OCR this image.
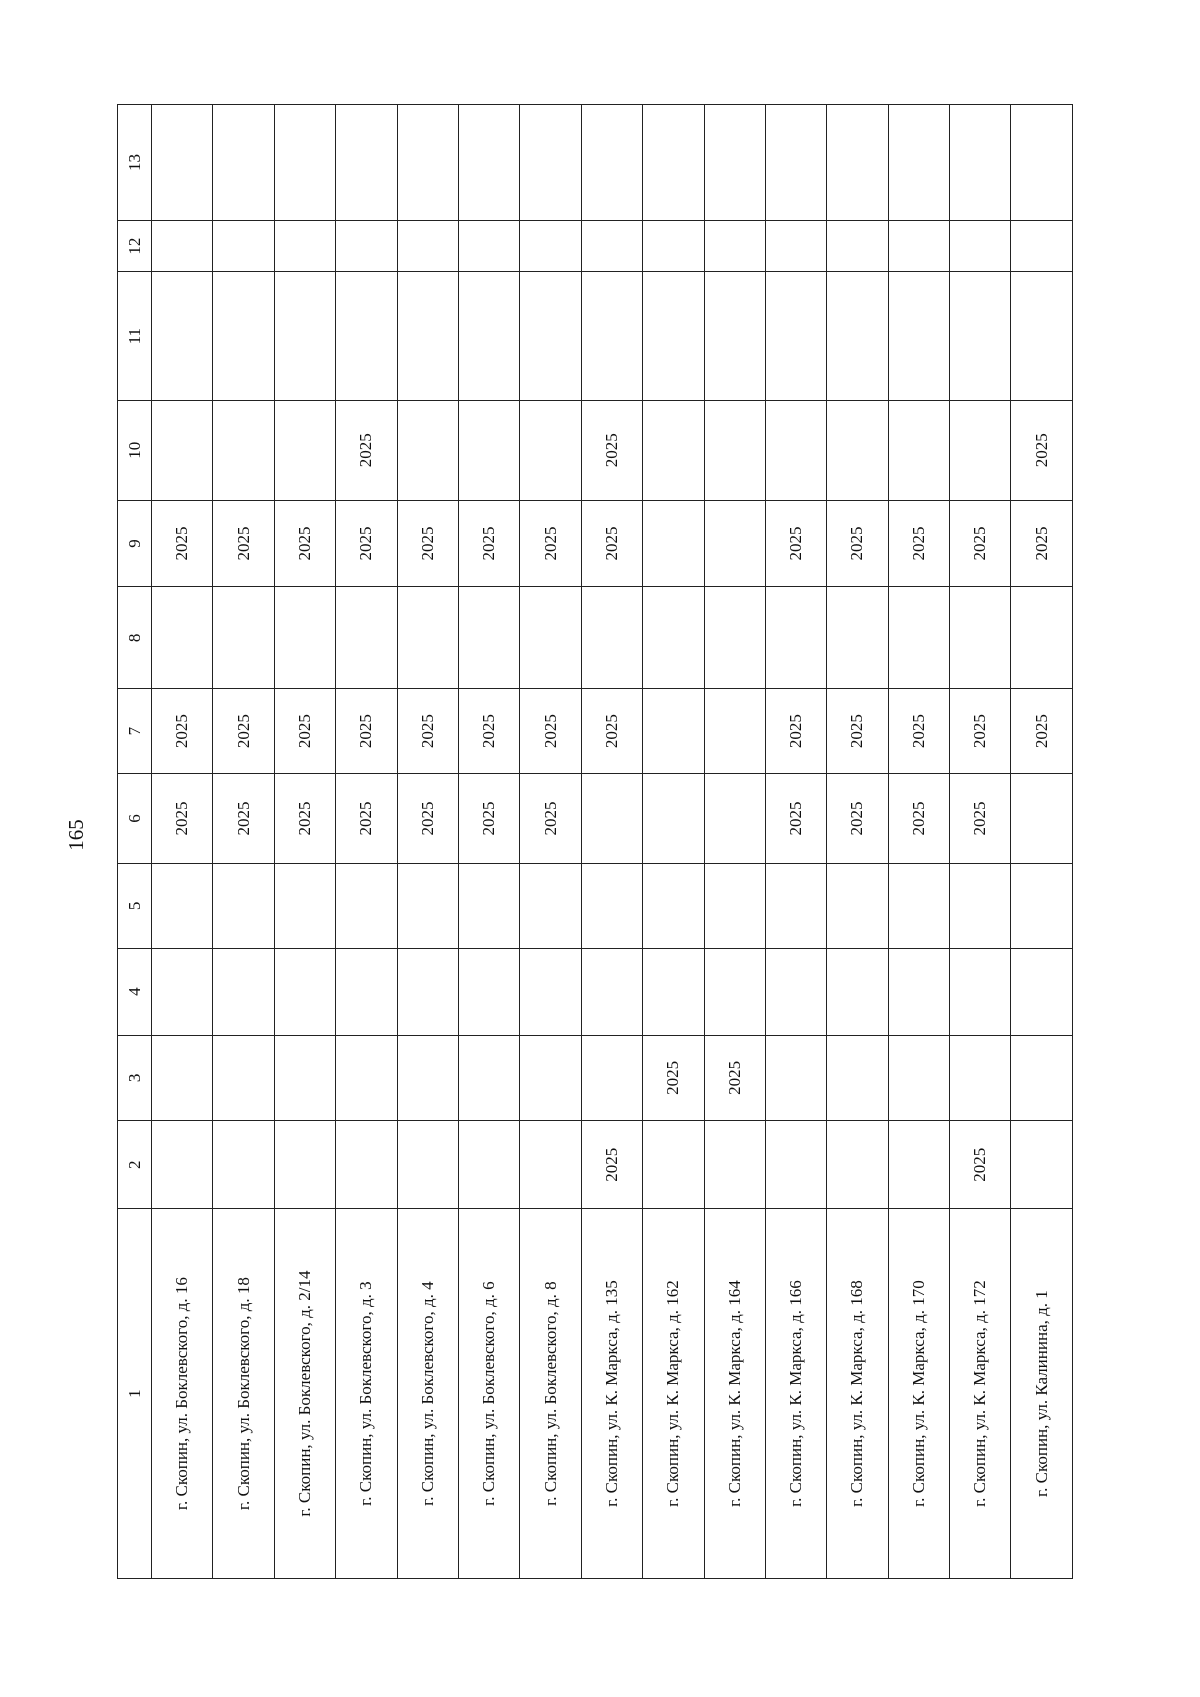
165
1	2	3	4	5	6	7	8	9	10	11	12	13
г. Скопин, ул. Боклевского, д. 16					2025	2025		2025				
г. Скопин, ул. Боклевского, д. 18					2025	2025		2025				
г. Скопин, ул. Боклевского, д. 2/14					2025	2025		2025				
г. Скопин, ул. Боклевского, д. 3					2025	2025		2025	2025			
г. Скопин, ул. Боклевского, д. 4					2025	2025		2025				
г. Скопин, ул. Боклевского, д. 6					2025	2025		2025				
г. Скопин, ул. Боклевского, д. 8					2025	2025		2025				
г. Скопин, ул. К. Маркса, д. 135	2025					2025		2025	2025			
г. Скопин, ул. К. Маркса, д. 162		2025										
г. Скопин, ул. К. Маркса, д. 164		2025										
г. Скопин, ул. К. Маркса, д. 166					2025	2025		2025				
г. Скопин, ул. К. Маркса, д. 168					2025	2025		2025				
г. Скопин, ул. К. Маркса, д. 170					2025	2025		2025				
г. Скопин, ул. К. Маркса, д. 172	2025				2025	2025		2025				
г. Скопин, ул. Калинина, д. 1						2025		2025	2025			
